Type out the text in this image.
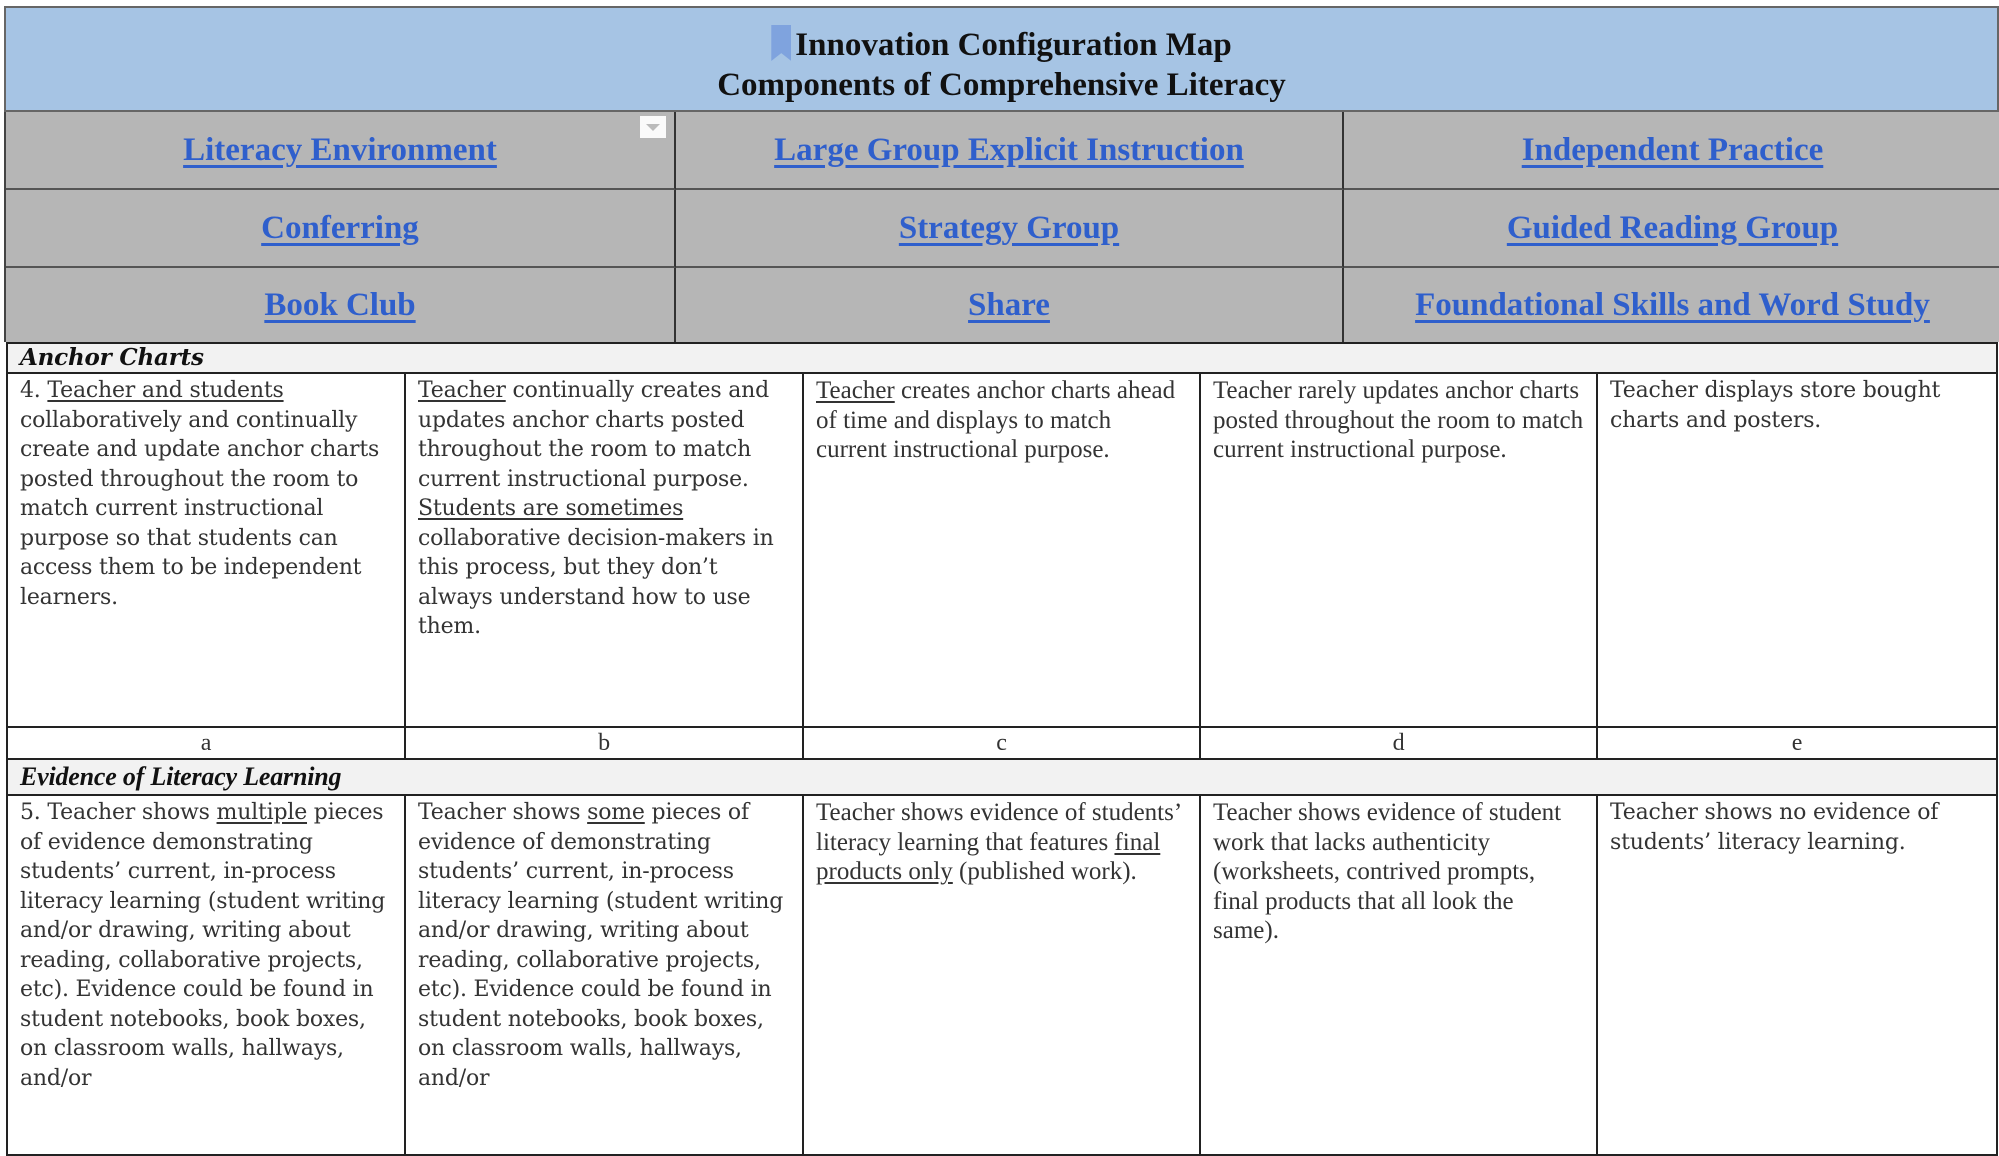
Innovation Configuration Map
Components of Comprehensive Literacy
Literacy Environment	Large Group Explicit Instruction	Independent Practice
Conferring	Strategy Group	Guided Reading Group
Book Club	Share	Foundational Skills and Word Study
Anchor Charts				
4. Teacher and students collaboratively and continually create and update anchor charts posted throughout the room to match current instructional purpose so that students can access them to be independent learners.	Teacher continually creates and updates anchor charts posted throughout the room to match current instructional purpose. Students are sometimes collaborative decision-makers in this process, but they don’t always understand how to use them.	Teacher creates anchor charts ahead of time and displays to match current instructional purpose.	Teacher rarely updates anchor charts posted throughout the room to match current instructional purpose.	Teacher displays store bought charts and posters.
a	b	c	d	e
Evidence of Literacy Learning				
5. Teacher shows multiple pieces of evidence demonstrating students’ current, in-process literacy learning (student writing and/or drawing, writing about reading, collaborative projects, etc). Evidence could be found in student notebooks, book boxes, on classroom walls, hallways, and/or	Teacher shows some pieces of evidence of demonstrating students’ current, in-process literacy learning (student writing and/or drawing, writing about reading, collaborative projects, etc). Evidence could be found in student notebooks, book boxes, on classroom walls, hallways, and/or	Teacher shows evidence of students’ literacy learning that features final products only (published work).	Teacher shows evidence of student work that lacks authenticity (worksheets, contrived prompts, final products that all look the same).	Teacher shows no evidence of students’ literacy learning.
